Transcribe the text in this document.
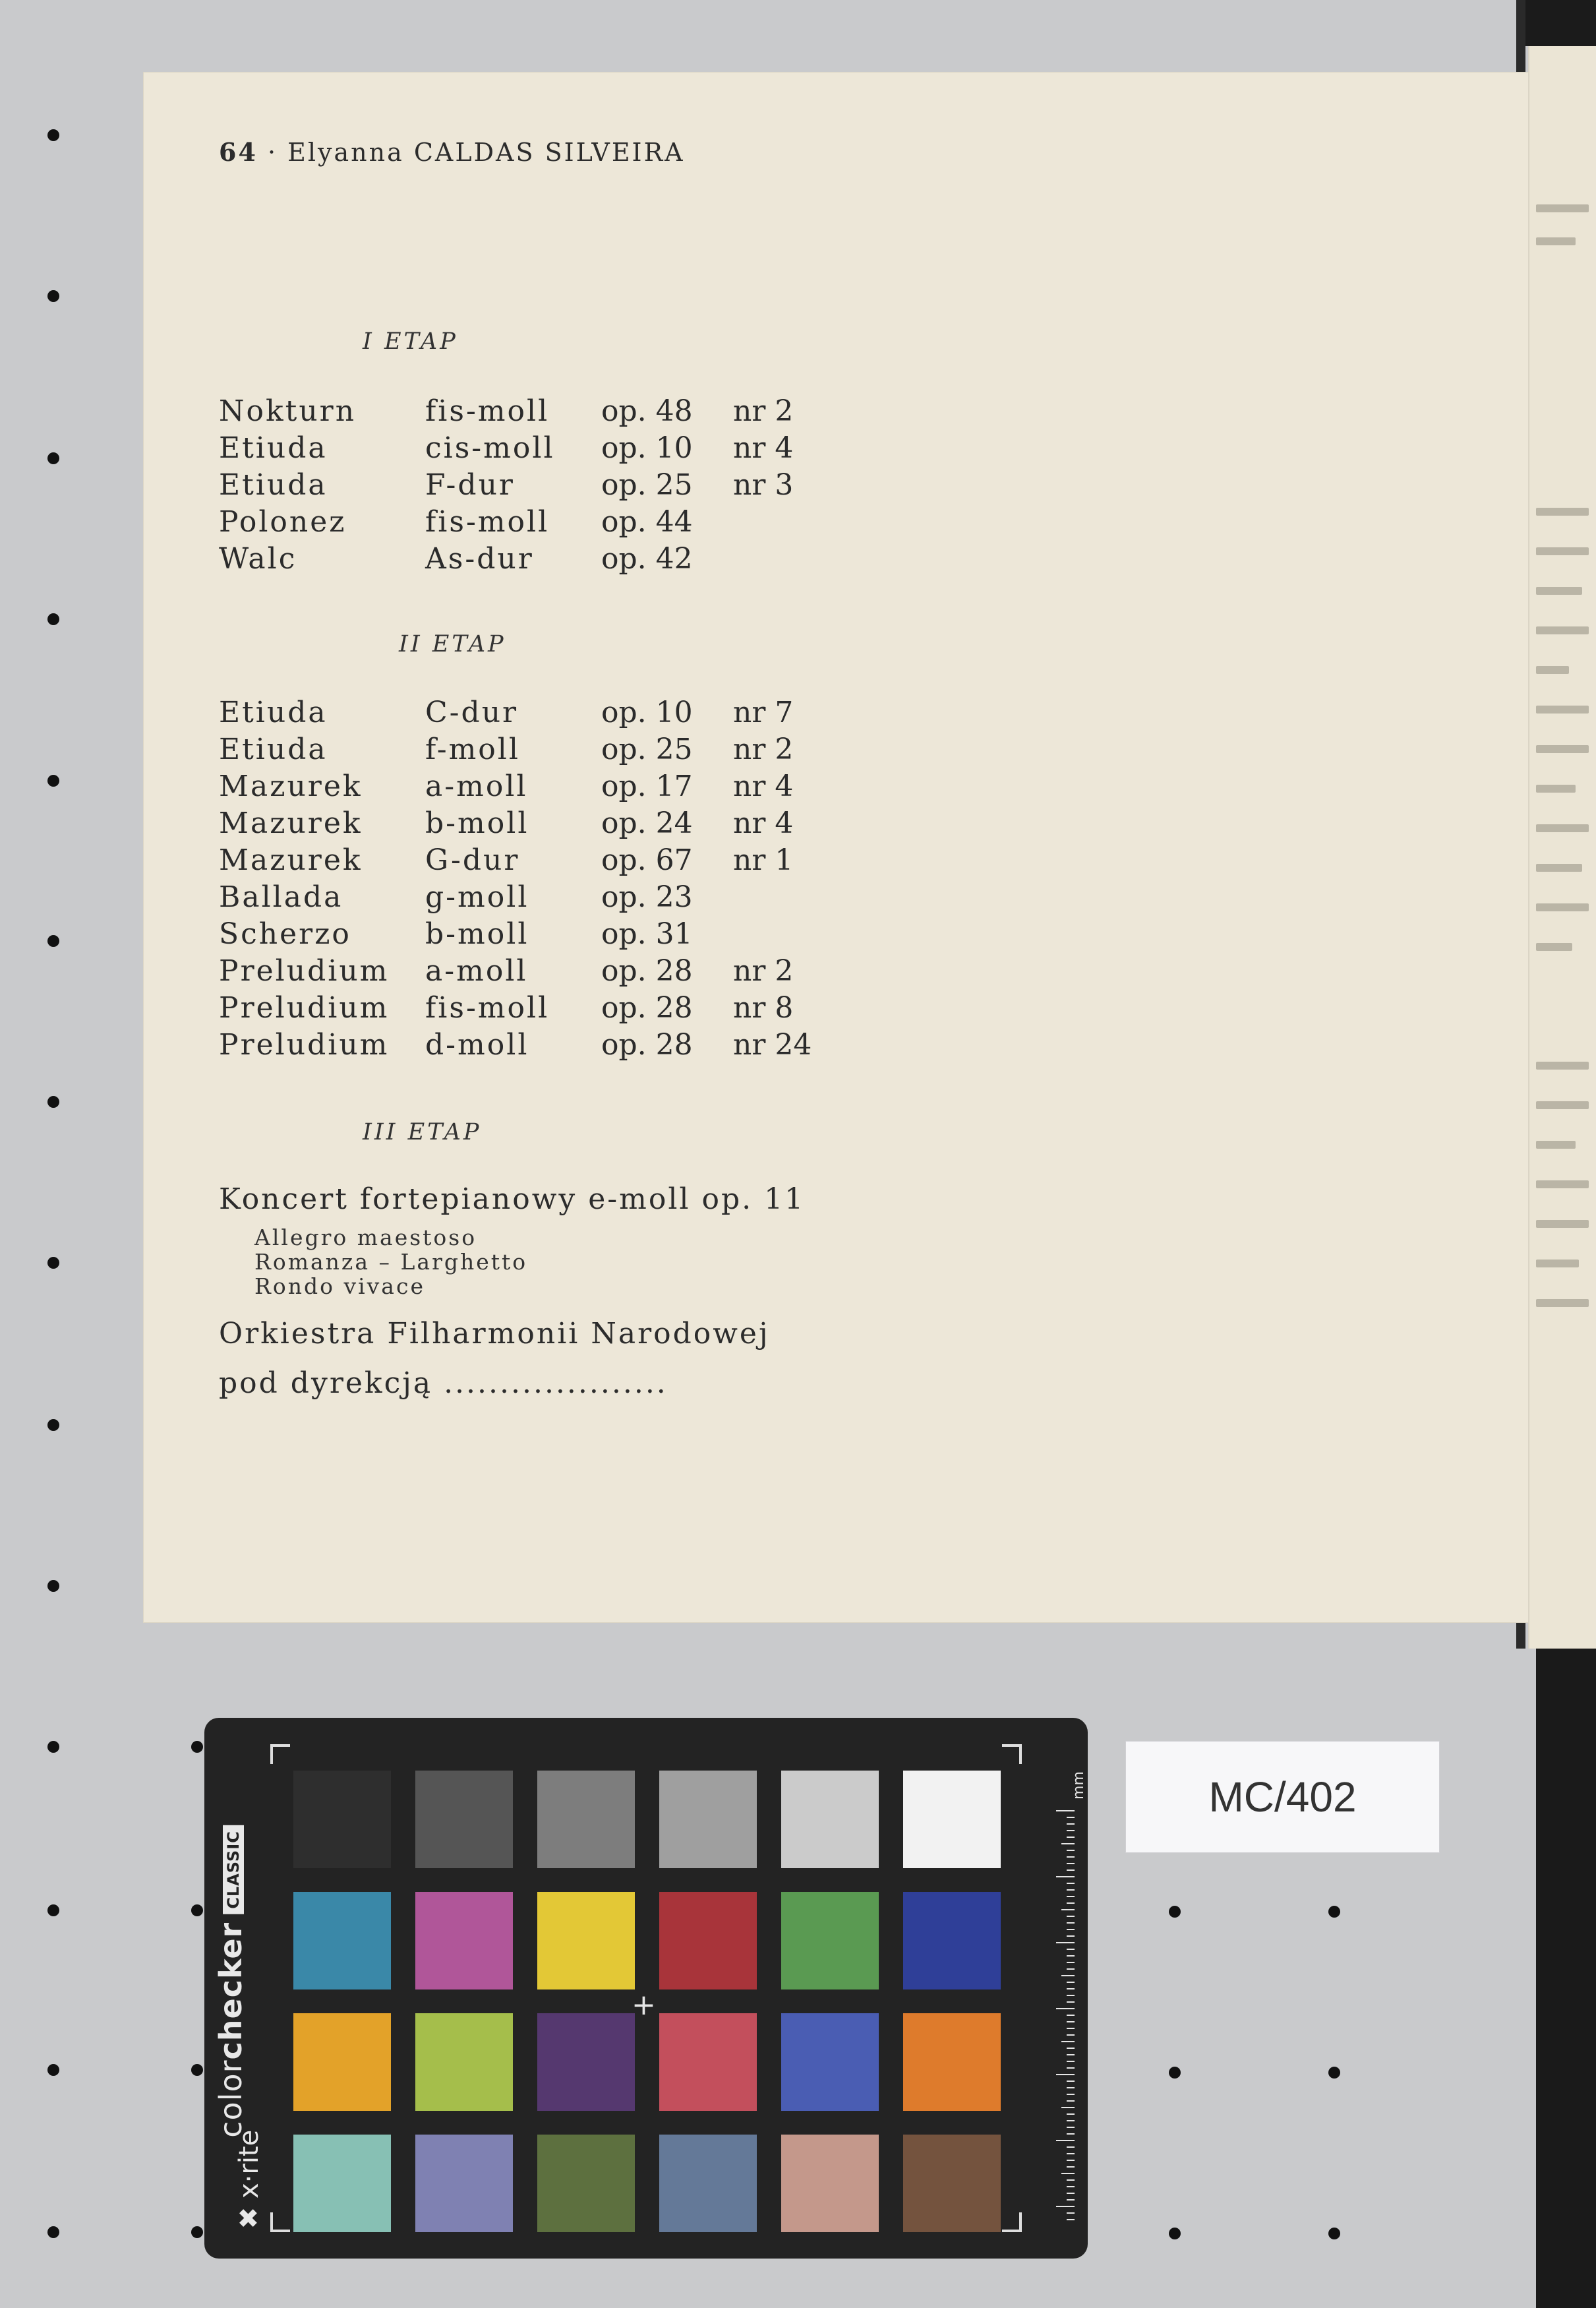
64 · Elyanna CALDAS SILVEIRA
I ETAP
Nokturn fis-moll op. 48 nr 2
Etiuda	cis-moll op. 10 nr 4
Etiuda	F-dur	op. 25 nr 3
Polonez	fis-moll op. 44
Walc	As-dur op. 42
II ETAP
Etiuda	C-dur	op. 10 nr 7
Etiuda	f-moll	op. 25 nr 2
Mazurek a-moll	op. 17 nr 4
Mazurek b-moll op. 24 nr 4
Mazurek G-dur	op. 67 nr 1
Ballada	g-moll op. 23
Scherzo	b-moll op. 31
Preludium a-moll	op. 28 nr 2
Preludium fis-moll op. 28 nr 8
Preludium d-moll op. 28 nr 24
III ETAP
Koncert fortepianowy e-moll op. 11
Allegro maestoso
Romanza – Larghetto
Rondo vivace
Orkiestra Filharmonii Narodowej
pod dyrekcją ....................
colorcheckerCLASSIC
✖ x·rite
mm
+
MC/402
